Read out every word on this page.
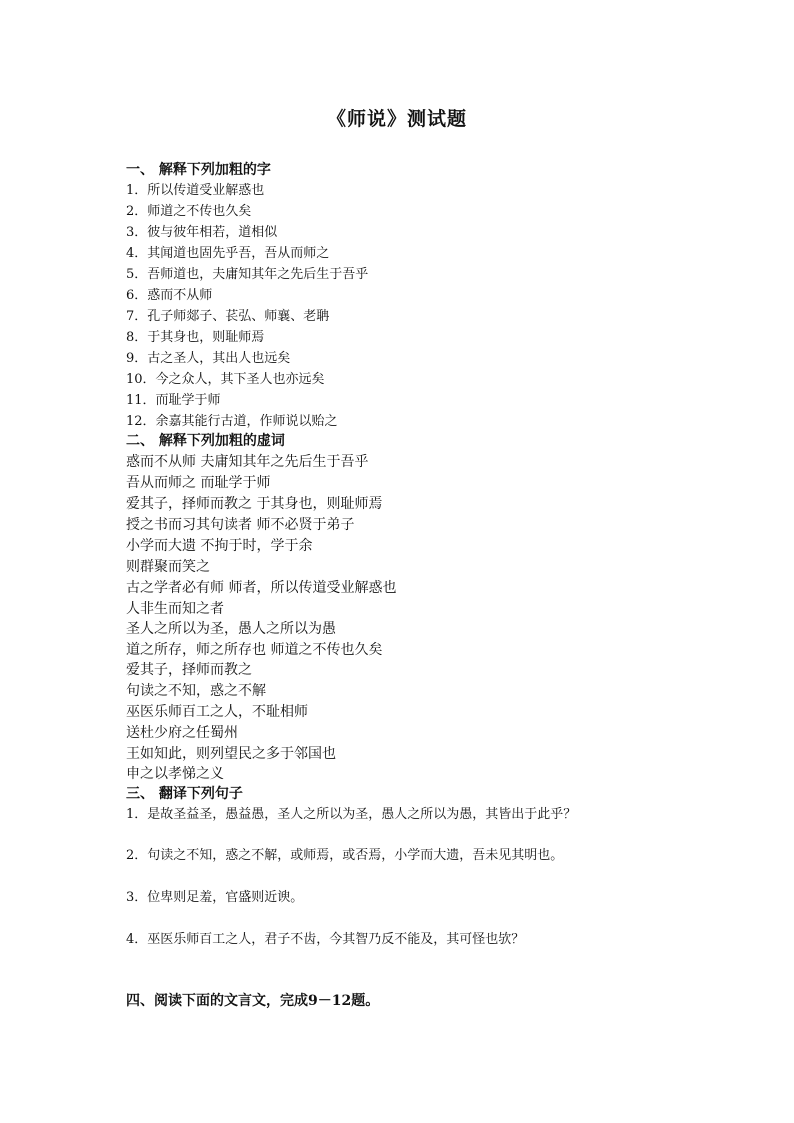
《师说》测试题
一、 解释下列加粗的字
1．所以传道受业解惑也
2．师道之不传也久矣
3．彼与彼年相若，道相似
4．其闻道也固先乎吾，吾从而师之
5．吾师道也，夫庸知其年之先后生于吾乎
6．惑而不从师
7．孔子师郯子、苌弘、师襄、老聃
8．于其身也，则耻师焉
9．古之圣人，其出人也远矣
10．今之众人，其下圣人也亦远矣
11．而耻学于师
12．余嘉其能行古道，作师说以贻之
二、 解释下列加粗的虚词
惑而不从师 夫庸知其年之先后生于吾乎
吾从而师之 而耻学于师
爱其子，择师而教之 于其身也，则耻师焉
授之书而习其句读者 师不必贤于弟子
小学而大遗 不拘于时，学于余
则群聚而笑之
古之学者必有师 师者，所以传道受业解惑也
人非生而知之者
圣人之所以为圣，愚人之所以为愚
道之所存，师之所存也 师道之不传也久矣
爱其子，择师而教之
句读之不知，惑之不解
巫医乐师百工之人，不耻相师
送杜少府之任蜀州
王如知此，则列望民之多于邻国也
申之以孝悌之义
三、 翻译下列句子
1．是故圣益圣，愚益愚，圣人之所以为圣，愚人之所以为愚，其皆出于此乎？
2．句读之不知，惑之不解，或师焉，或否焉，小学而大遗，吾未见其明也。
3．位卑则足羞，官盛则近谀。
4．巫医乐师百工之人，君子不齿，今其智乃反不能及，其可怪也欤？
四、阅读下面的文言文，完成9－12题。
